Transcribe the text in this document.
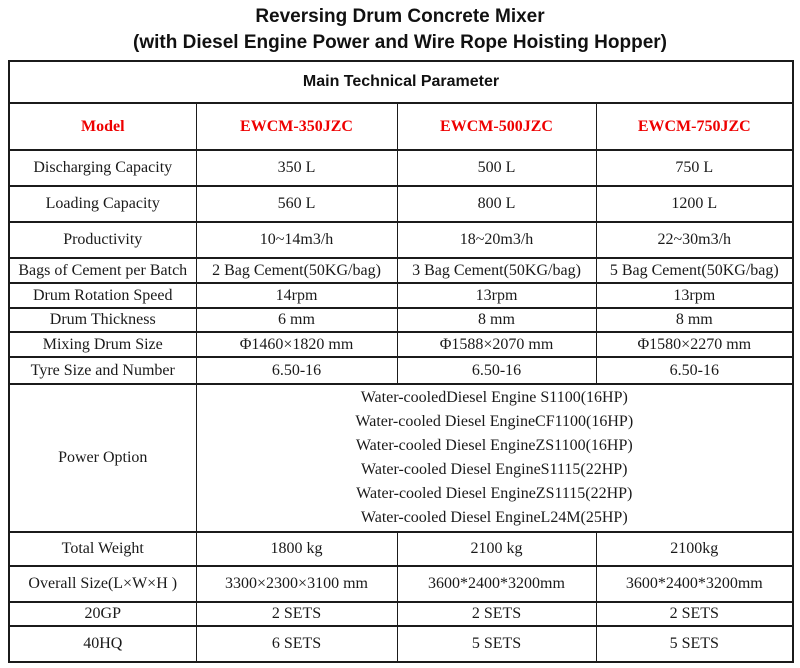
Reversing Drum Concrete Mixer
(with Diesel Engine Power and Wire Rope Hoisting Hopper)
Main Technical Parameter			
Model	EWCM-350JZC	EWCM-500JZC	EWCM-750JZC
Discharging Capacity	350 L	500 L	750 L
Loading Capacity	560 L	800 L	1200 L
Productivity	10~14m3/h	18~20m3/h	22~30m3/h
Bags of Cement per Batch	2 Bag Cement(50KG/bag)	3 Bag Cement(50KG/bag)	5 Bag Cement(50KG/bag)
Drum Rotation Speed	14rpm	13rpm	13rpm
Drum Thickness	6 mm	8 mm	8 mm
Mixing Drum Size	Φ1460×1820 mm	Φ1588×2070 mm	Φ1580×2270 mm
Tyre Size and Number	6.50-16	6.50-16	6.50-16
Power Option	
Water-cooledDiesel Engine S1100(16HP)
Water-cooled Diesel EngineCF1100(16HP)
Water-cooled Diesel EngineZS1100(16HP)
Water-cooled Diesel EngineS1115(22HP)
Water-cooled Diesel EngineZS1115(22HP)
Water-cooled Diesel EngineL24M(25HP)

Total Weight	1800 kg	2100 kg	2100kg
Overall Size(L×W×H )	3300×2300×3100 mm	3600*2400*3200mm	3600*2400*3200mm
20GP	2 SETS	2 SETS	2 SETS
40HQ	6 SETS	5 SETS	5 SETS
